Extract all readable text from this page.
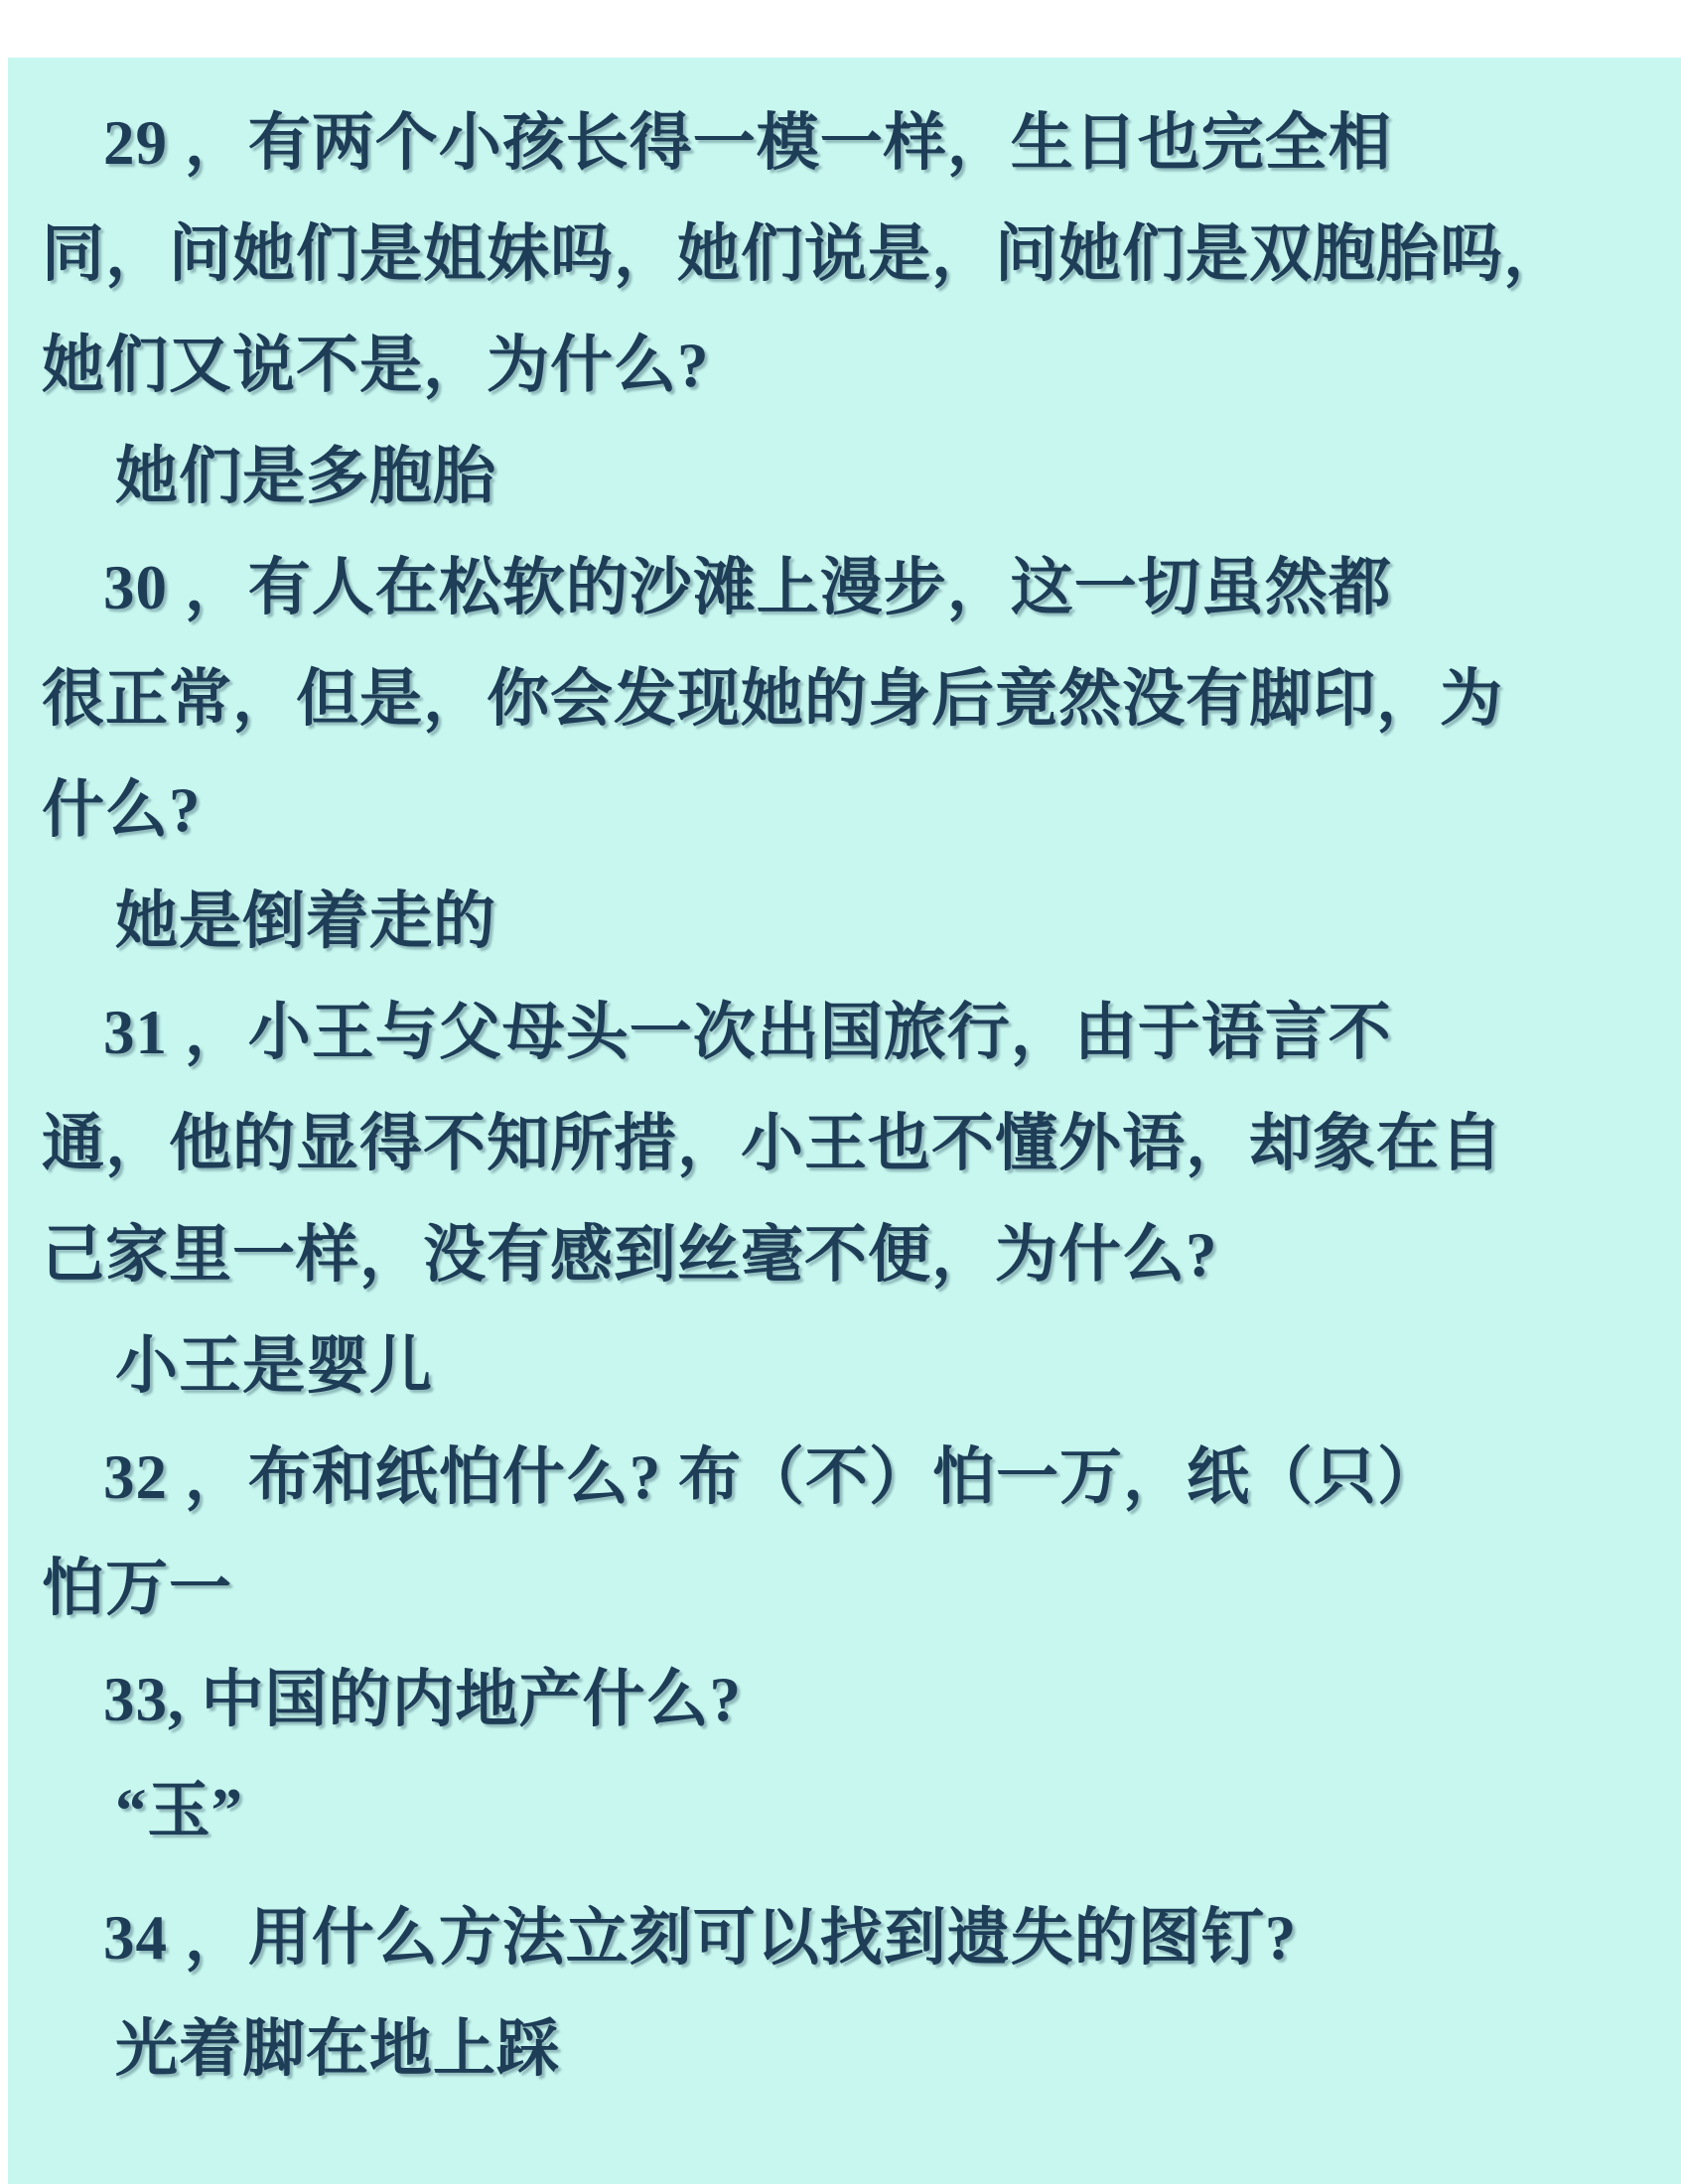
29 ，有两个小孩长得一模一样，生日也完全相
同，问她们是姐妹吗，她们说是，问她们是双胞胎吗，
她们又说不是，为什么?
她们是多胞胎
30 ，有人在松软的沙滩上漫步，这一切虽然都
很正常，但是，你会发现她的身后竟然没有脚印，为
什么?
她是倒着走的
31 ，小王与父母头一次出国旅行，由于语言不
通，他的显得不知所措，小王也不懂外语，却象在自
己家里一样，没有感到丝毫不便，为什么?
小王是婴儿
32 ，布和纸怕什么? 布（不）怕一万，纸（只）
怕万一
33, 中国的内地产什么?
“玉”
34 ，用什么方法立刻可以找到遗失的图钉?
光着脚在地上踩
